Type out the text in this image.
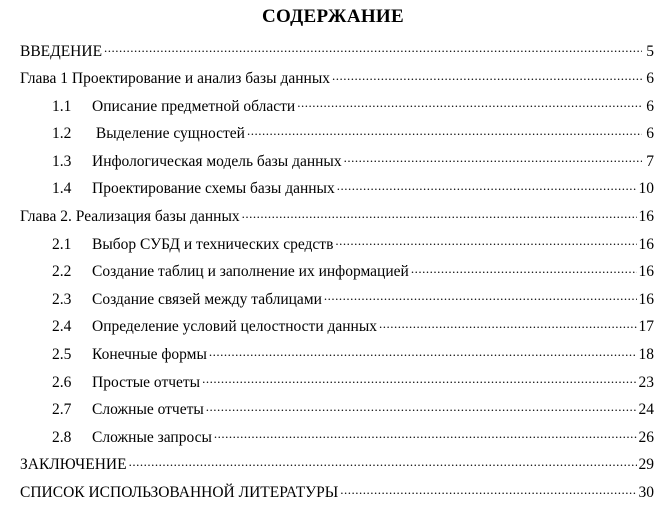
СОДЕРЖАНИЕ
ВВЕДЕНИЕ .....	5
Глава 1 Проектирование и анализ базы данных .....	6
1.1	Описание предметной области .....	6
1.2	Выделение сущностей .....	6
1.3	Инфологическая модель базы данных .....	7
1.4	Проектирование схемы базы данных .....	10
Глава 2. Реализация базы данных .....	16
2.1	Выбор СУБД и технических средств .....	16
2.2	Создание таблиц и заполнение их информацией .....	16
2.3	Создание связей между таблицами .....	16
2.4	Определение условий целостности данных .....	17
2.5	Конечные формы .....	18
2.6	Простые отчеты .....	23
2.7	Сложные отчеты .....	24
2.8	Сложные запросы .....	26
ЗАКЛЮЧЕНИЕ .....	29
СПИСОК ИСПОЛЬЗОВАННОЙ ЛИТЕРАТУРЫ .....	30
